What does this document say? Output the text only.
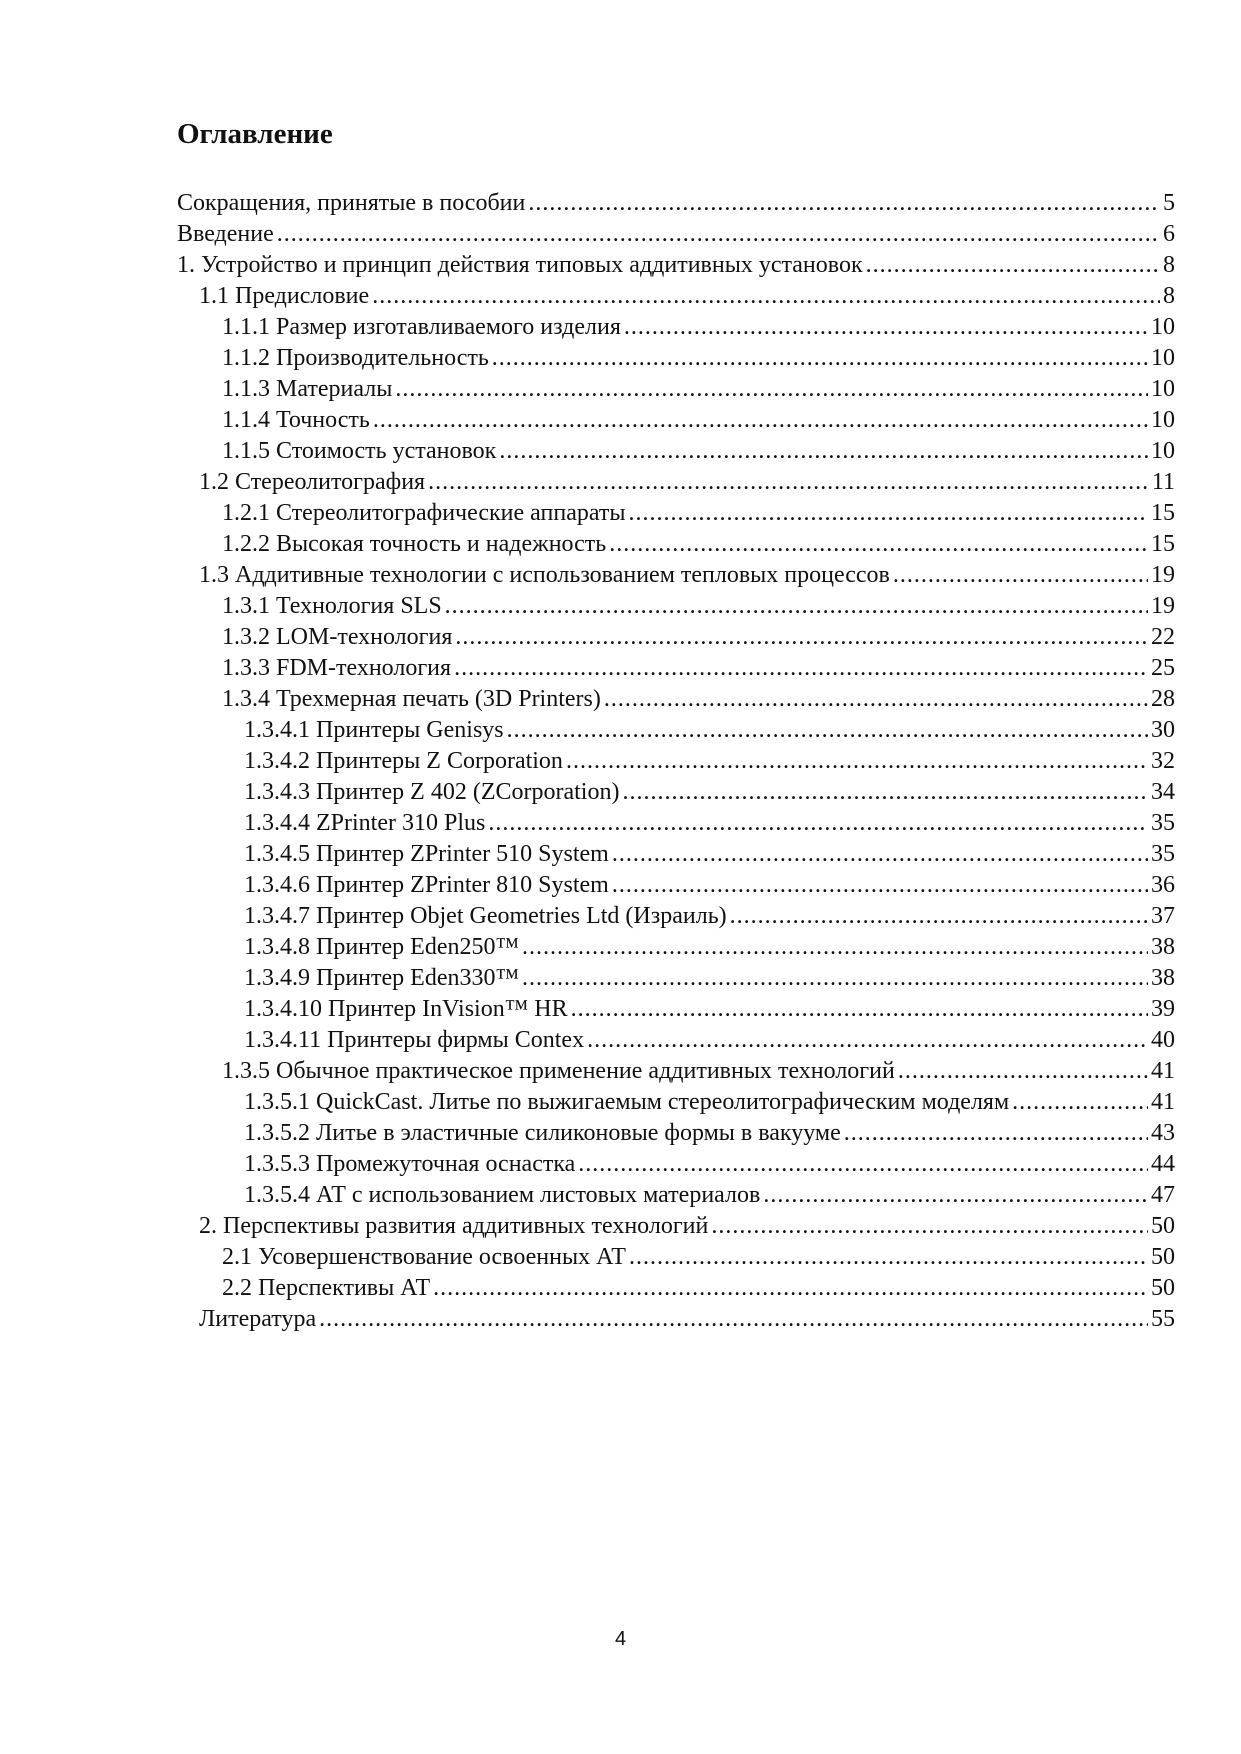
Оглавление
Сокращения, принятые в пособии .....	5
Введение .....	6
1. Устройство и принцип действия типовых аддитивных установок .....	8
1.1 Предисловие .....	8
1.1.1 Размер изготавливаемого изделия .....	10
1.1.2 Производительность .....	10
1.1.3 Материалы .....	10
1.1.4 Точность .....	10
1.1.5 Стоимость установок .....	10
1.2 Стереолитография .....	11
1.2.1 Стереолитографические аппараты .....	15
1.2.2 Высокая точность и надежность .....	15
1.3 Аддитивные технологии с использованием тепловых процессов .....	19
1.3.1 Технология SLS .....	19
1.3.2 LOM-технология .....	22
1.3.3 FDM-технология .....	25
1.3.4 Трехмерная печать (3D Printers) .....	28
1.3.4.1 Принтеры Genisys .....	30
1.3.4.2 Принтеры Z Corporation .....	32
1.3.4.3 Принтер Z 402 (ZCorporation) .....	34
1.3.4.4 ZPrinter 310 Plus .....	35
1.3.4.5 Принтер ZPrinter 510 System .....	35
1.3.4.6 Принтер ZPrinter 810 System .....	36
1.3.4.7 Принтер Objet Geometries Ltd (Израиль) .....	37
1.3.4.8 Принтер Eden250™ .....	38
1.3.4.9 Принтер Eden330™ .....	38
1.3.4.10 Принтер InVision™ HR .....	39
1.3.4.11 Принтеры фирмы Contex .....	40
1.3.5 Обычное практическое применение аддитивных технологий .....	41
1.3.5.1 QuickCast. Литье по выжигаемым стереолитографическим моделям .....	41
1.3.5.2 Литье в эластичные силиконовые формы в вакууме .....	43
1.3.5.3 Промежуточная оснастка .....	44
1.3.5.4 АТ с использованием листовых материалов .....	47
2. Перспективы развития аддитивных технологий .....	50
2.1 Усовершенствование освоенных АТ .....	50
2.2 Перспективы АТ .....	50
Литература .....	55
4
